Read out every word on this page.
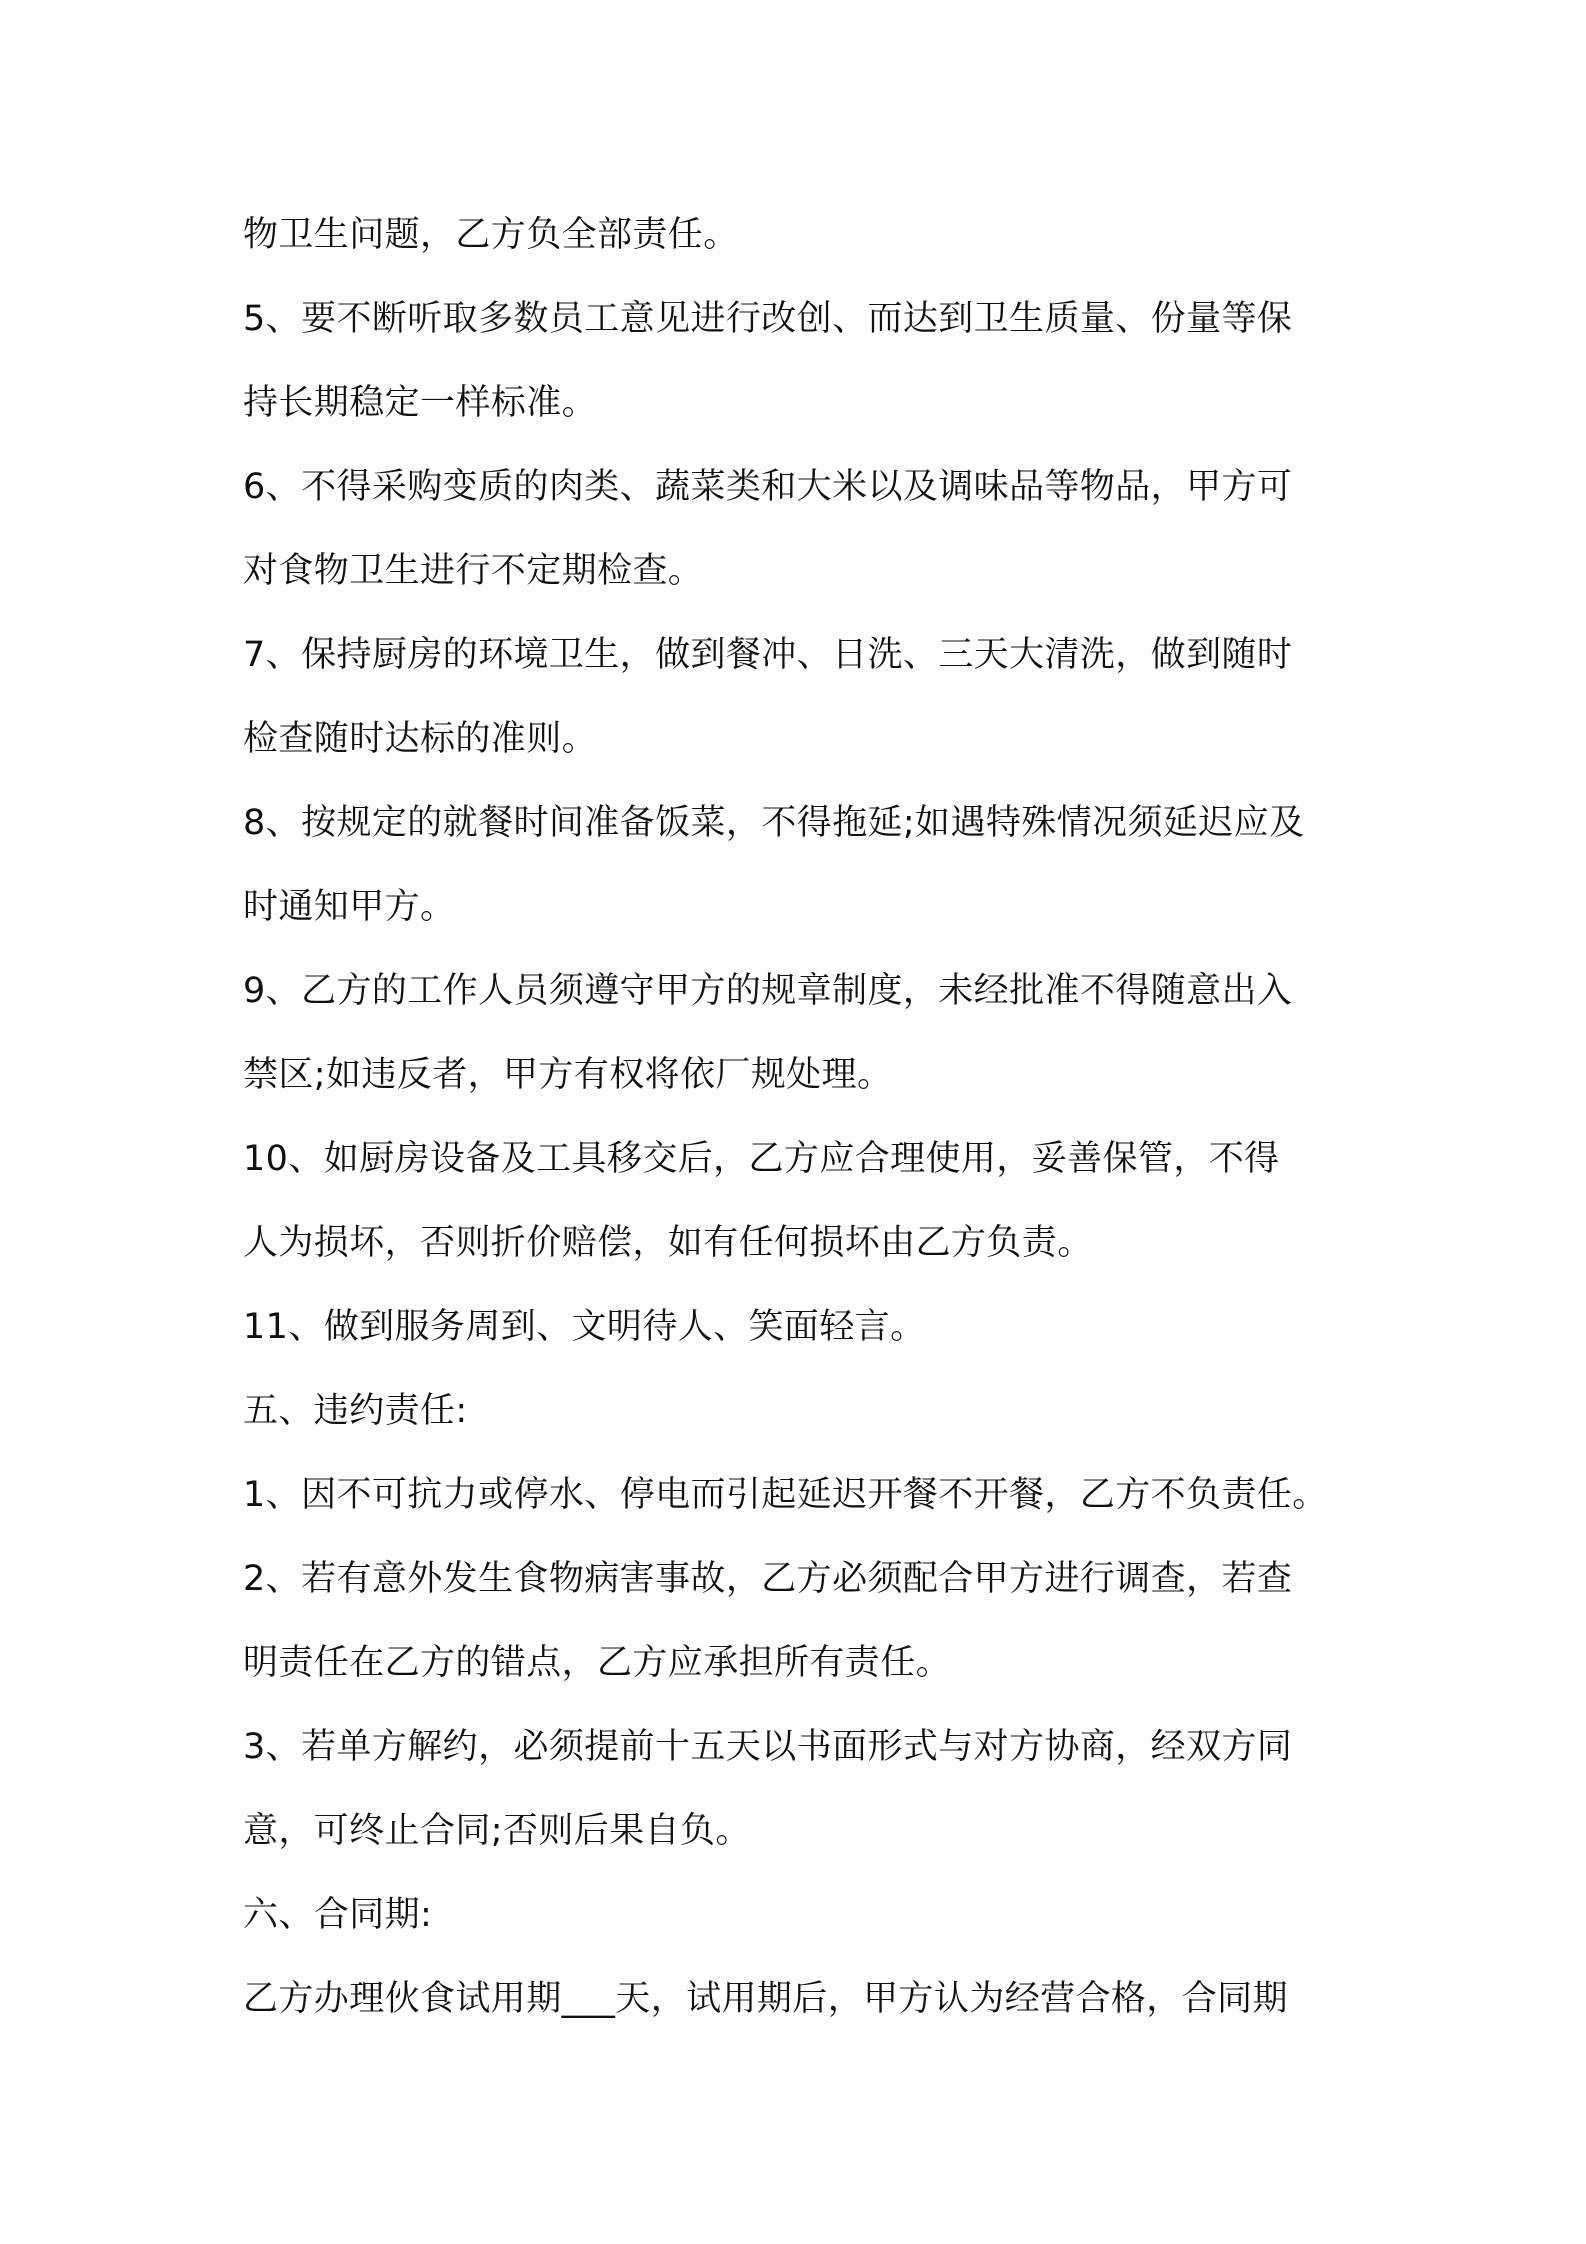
物卫生问题，乙方负全部责任。
5、要不断听取多数员工意见进行改创、而达到卫生质量、份量等保
持长期稳定一样标准。
6、不得采购变质的肉类、蔬菜类和大米以及调味品等物品，甲方可
对食物卫生进行不定期检查。
7、保持厨房的环境卫生，做到餐冲、日洗、三天大清洗，做到随时
检查随时达标的准则。
8、按规定的就餐时间准备饭菜，不得拖延;如遇特殊情况须延迟应及
时通知甲方。
9、乙方的工作人员须遵守甲方的规章制度，未经批准不得随意出入
禁区;如违反者，甲方有权将依厂规处理。
10、如厨房设备及工具移交后，乙方应合理使用，妥善保管，不得
人为损坏，否则折价赔偿，如有任何损坏由乙方负责。
11、做到服务周到、文明待人、笑面轻言。
五、违约责任:
1、因不可抗力或停水、停电而引起延迟开餐不开餐，乙方不负责任。
2、若有意外发生食物病害事故，乙方必须配合甲方进行调查，若查
明责任在乙方的错点，乙方应承担所有责任。
3、若单方解约，必须提前十五天以书面形式与对方协商，经双方同
意，可终止合同;否则后果自负。
六、合同期:
乙方办理伙食试用期___天，试用期后，甲方认为经营合格，合同期
